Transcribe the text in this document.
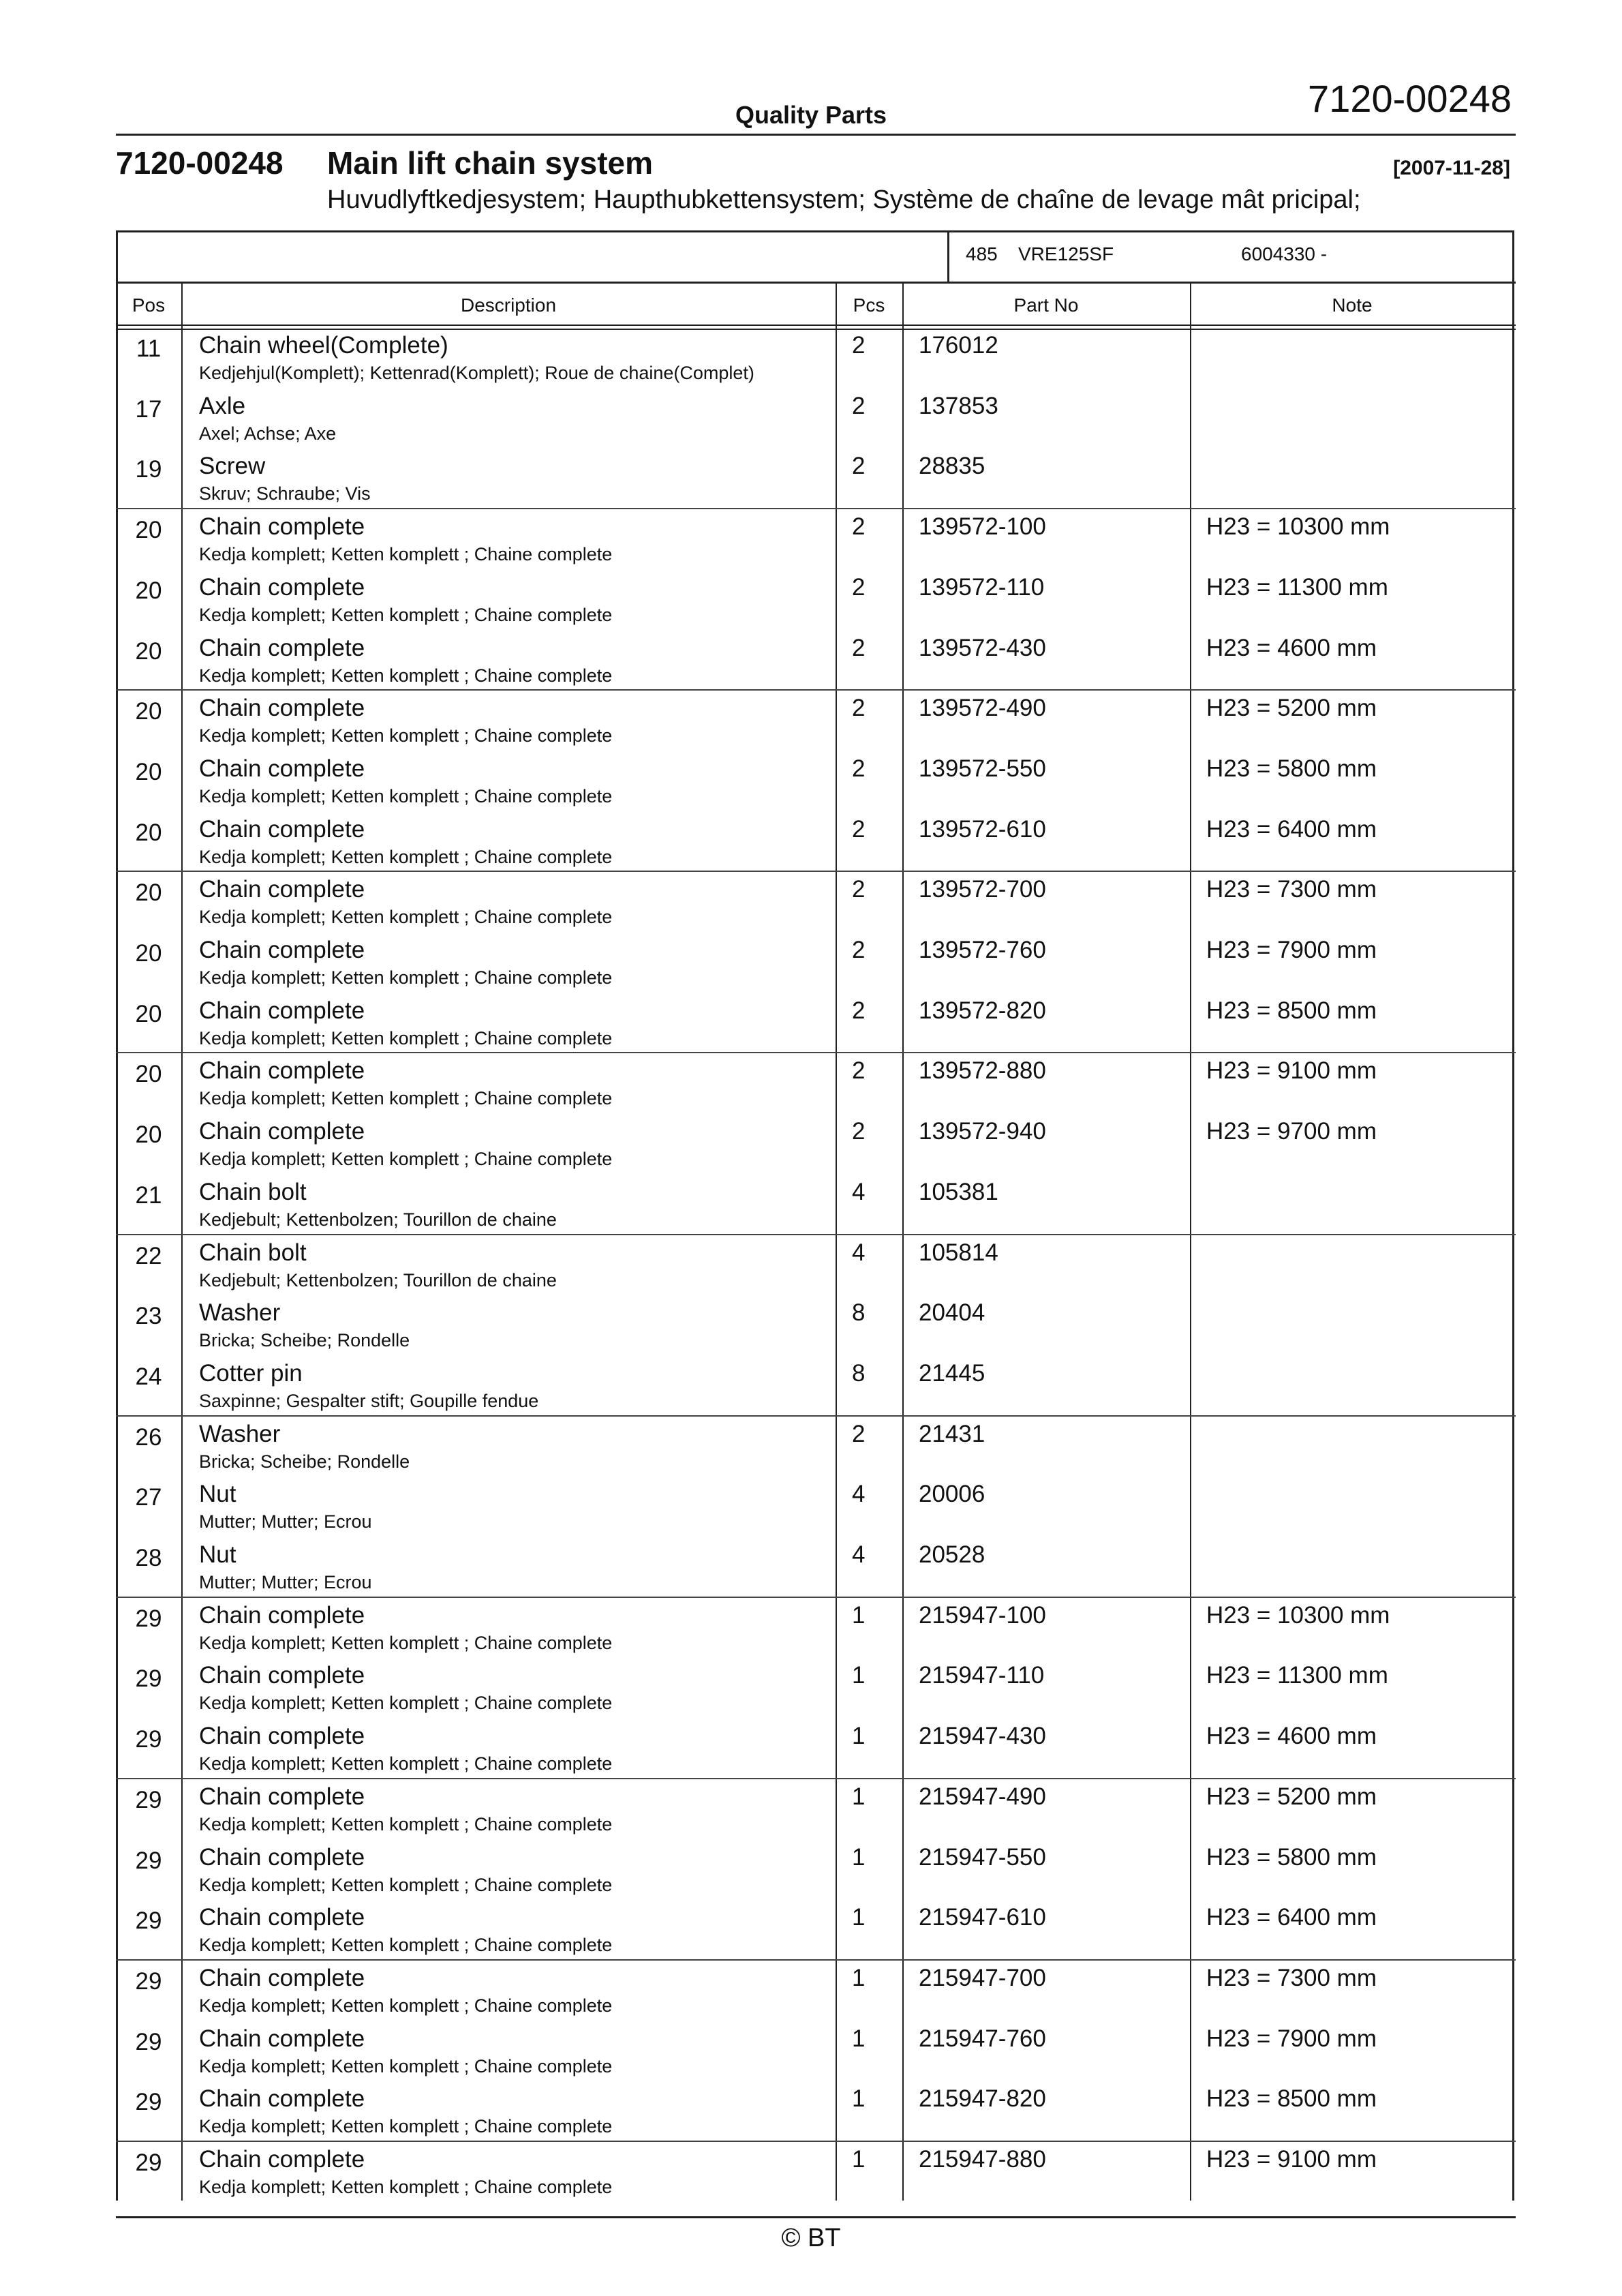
Quality Parts	7120-00248
7120-00248 Main lift chain system	[2007-11-28]
Huvudlyftkedjesystem; Haupthubkettensystem; Système de chaîne de levage mât pricipal;
485 VRE125SF	6004330 -
Pos	Description	Pcs	Part No	Note
11	Chain wheel(Complete)
Kedjehjul(Komplett); Kettenrad(Komplett); Roue de chaine(Complet)
2 176012
17	Axle
Axel; Achse; Axe
2 137853
19	Screw
Skruv; Schraube; Vis
2 28835
20	Chain complete
Kedja komplett; Ketten komplett ; Chaine complete
2 139572-100	H23 = 10300 mm
20	Chain complete
Kedja komplett; Ketten komplett ; Chaine complete
2 139572-110	H23 = 11300 mm
20	Chain complete
Kedja komplett; Ketten komplett ; Chaine complete
2 139572-430	H23 = 4600 mm
20	Chain complete
Kedja komplett; Ketten komplett ; Chaine complete
2 139572-490	H23 = 5200 mm
20	Chain complete
Kedja komplett; Ketten komplett ; Chaine complete
2 139572-550	H23 = 5800 mm
20	Chain complete
Kedja komplett; Ketten komplett ; Chaine complete
2 139572-610	H23 = 6400 mm
20	Chain complete
Kedja komplett; Ketten komplett ; Chaine complete
2 139572-700	H23 = 7300 mm
20	Chain complete
Kedja komplett; Ketten komplett ; Chaine complete
2 139572-760	H23 = 7900 mm
20	Chain complete
Kedja komplett; Ketten komplett ; Chaine complete
2 139572-820	H23 = 8500 mm
20	Chain complete
Kedja komplett; Ketten komplett ; Chaine complete
2 139572-880	H23 = 9100 mm
20	Chain complete
Kedja komplett; Ketten komplett ; Chaine complete
2 139572-940	H23 = 9700 mm
21	Chain bolt
Kedjebult; Kettenbolzen; Tourillon de chaine
4 105381
22	Chain bolt
Kedjebult; Kettenbolzen; Tourillon de chaine
4 105814
23	Washer
Bricka; Scheibe; Rondelle
8 20404
24	Cotter pin
Saxpinne; Gespalter stift; Goupille fendue
8 21445
26	Washer
Bricka; Scheibe; Rondelle
2 21431
27	Nut
Mutter; Mutter; Ecrou
4 20006
28	Nut
Mutter; Mutter; Ecrou
4 20528
29	Chain complete
Kedja komplett; Ketten komplett ; Chaine complete
1 215947-100	H23 = 10300 mm
29	Chain complete
Kedja komplett; Ketten komplett ; Chaine complete
1 215947-110	H23 = 11300 mm
29	Chain complete
Kedja komplett; Ketten komplett ; Chaine complete
1 215947-430	H23 = 4600 mm
29	Chain complete
Kedja komplett; Ketten komplett ; Chaine complete
1 215947-490	H23 = 5200 mm
29	Chain complete
Kedja komplett; Ketten komplett ; Chaine complete
1 215947-550	H23 = 5800 mm
29	Chain complete
Kedja komplett; Ketten komplett ; Chaine complete
1 215947-610	H23 = 6400 mm
29	Chain complete
Kedja komplett; Ketten komplett ; Chaine complete
1 215947-700	H23 = 7300 mm
29	Chain complete
Kedja komplett; Ketten komplett ; Chaine complete
1 215947-760	H23 = 7900 mm
29	Chain complete
Kedja komplett; Ketten komplett ; Chaine complete
1 215947-820	H23 = 8500 mm
29	Chain complete
Kedja komplett; Ketten komplett ; Chaine complete
1 215947-880	H23 = 9100 mm
© BT
